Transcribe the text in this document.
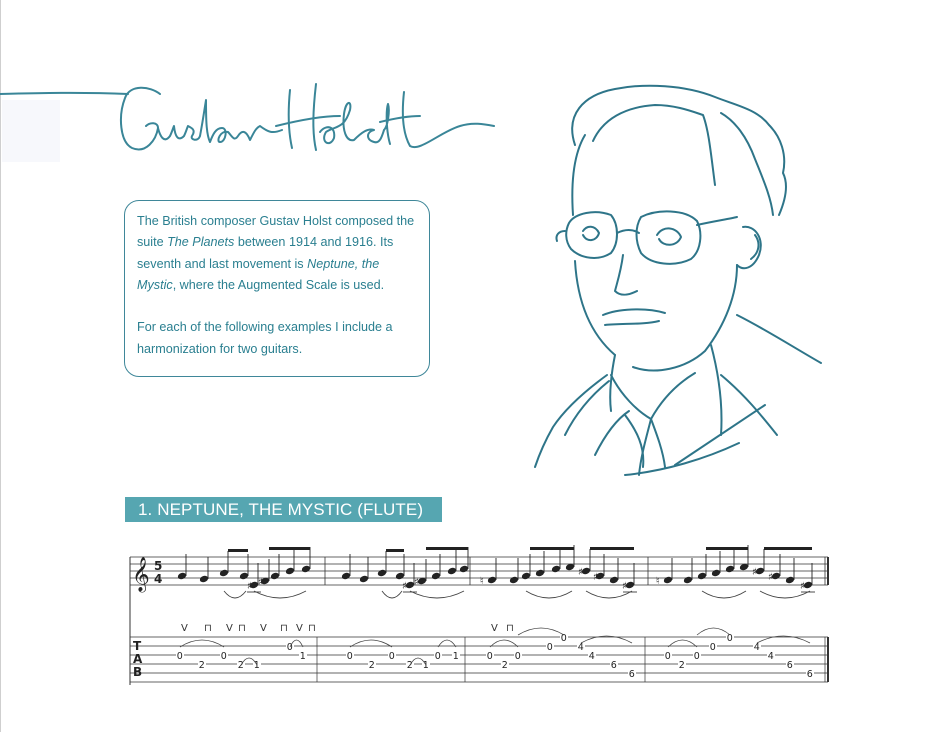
The British composer Gustav Holst composed the suite The Planets between 1914 and 1916. Its seventh and last movement is Neptune, the Mystic, where the Augmented Scale is used.

For each of the following examples I include a harmonization for two guitars.

1. NEPTUNE, THE MYSTIC (FLUTE)
𝄞 5
4
♯ ♯	♯ ♯
♯ ♯
♯
♯ ♯
♯
♮	♮
V ⊓ V ⊓ V ⊓ V ⊓	V ⊓
T
A
B
0
2
0
2 1
0
1	0
2
0
2 1
0 1	0
2
0
0
0
4
4
6
6
0
2
0
0
0
4
4
6
6
